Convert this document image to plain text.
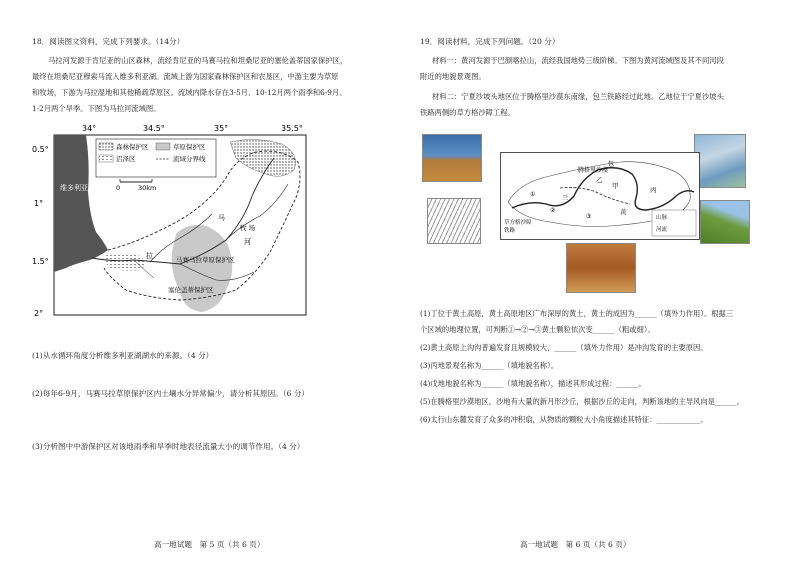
18．阅读图文资料，完成下列要求。（14分）
马拉河发源于肯尼亚的山区森林，流经肯尼亚的马赛马拉和坦桑尼亚的塞伦盖蒂国家保护区，
最终在坦桑尼亚穆索马流入维多利亚湖。流域上游为国家森林保护区和农垦区，中游主要为草原
和牧场，下游为马拉湿地和其他稀疏草原区。流域内降水存在3-5月、10-12月两个雨季和6-9月、
1-2月两个旱季。下图为马拉河流域图。
34°	34.5°	35°	35.5°
0.5°
1°
1.5°
2°
维多利亚湖
森林保护区	草原保护区
沼泽区	流域分界线
0	30km
马
拉
河
牧 场
马赛马拉草原保护区
塞伦盖蒂保护区
(1)从水循环角度分析维多利亚湖湖水的来源。（4 分）
(2)每年6-9月，马赛马拉草原保护区内土壤水分异常偏少，请分析其原因。（6 分）
(3)分析图中中游保护区对该地雨季和旱季时地表径流量大小的调节作用。（4 分）
高一地试题　第 5 页（共 6 页）
19．阅读材料，完成下列问题。（20 分）
材料一：黄河发源于巴颜喀拉山，流经我国地势三级阶梯。下图为黄河流域图及其不同河段
附近的地貌景观图。
材料二：宁夏沙坡头地区位于腾格里沙漠东南缘，包兰铁路经过此地。乙地位于宁夏沙坡头
铁路两侧的草方格沙障工程。
腾格里沙漠
包
兰
甲
乙
丙
黄
①
②
③	山脉
河流
铁路
草方格沙障
(1)丁位于黄土高原，黄土高原地区广布深厚的黄土，黄土的成因为______（填外力作用）。根据三
个区域的地理位置，可判断①→②→③黄土颗粒依次变______（粗或细）。
(2)黄土高原上沟沟普遍发育且规模较大，______（填外力作用）是冲沟发育的主要原因。
(3)丙地景观名称为______（填地貌名称）。
(4)戊地地貌名称为______（填地貌名称），描述其形成过程：______。
(5)在腾格里沙漠地区，沙地有大量的新月形沙丘，根据沙丘的走向，判断该地的主导风向是______。
(6)太行山东麓发育了众多的冲积扇，从物质的颗粒大小角度描述其特征：____________。
高一地试题　第 6 页（共 6 页）
